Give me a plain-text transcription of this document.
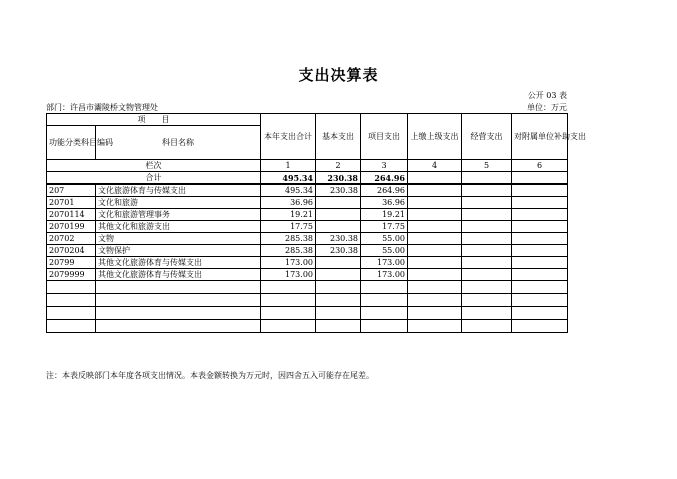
支出决算表
公开 03 表
部门：许昌市灞陵桥文物管理处	单位：万元
项　　目		本年支出合计	基本支出	项目支出	上缴上级支出	经营支出	对附属单位补助支出
功能分类科目编码	科目名称						
栏次		1	2	3	4	5	6
合计		495.34	230.38	264.96			
207	文化旅游体育与传媒支出	495.34	230.38	264.96			
20701	文化和旅游	36.96		36.96			
2070114	文化和旅游管理事务	19.21		19.21			
2070199	其他文化和旅游支出	17.75		17.75			
20702	文物	285.38	230.38	55.00			
2070204	文物保护	285.38	230.38	55.00			
20799	其他文化旅游体育与传媒支出	173.00		173.00			
2079999	其他文化旅游体育与传媒支出	173.00		173.00			

注：本表反映部门本年度各项支出情况。本表金额转换为万元时，因四舍五入可能存在尾差。
